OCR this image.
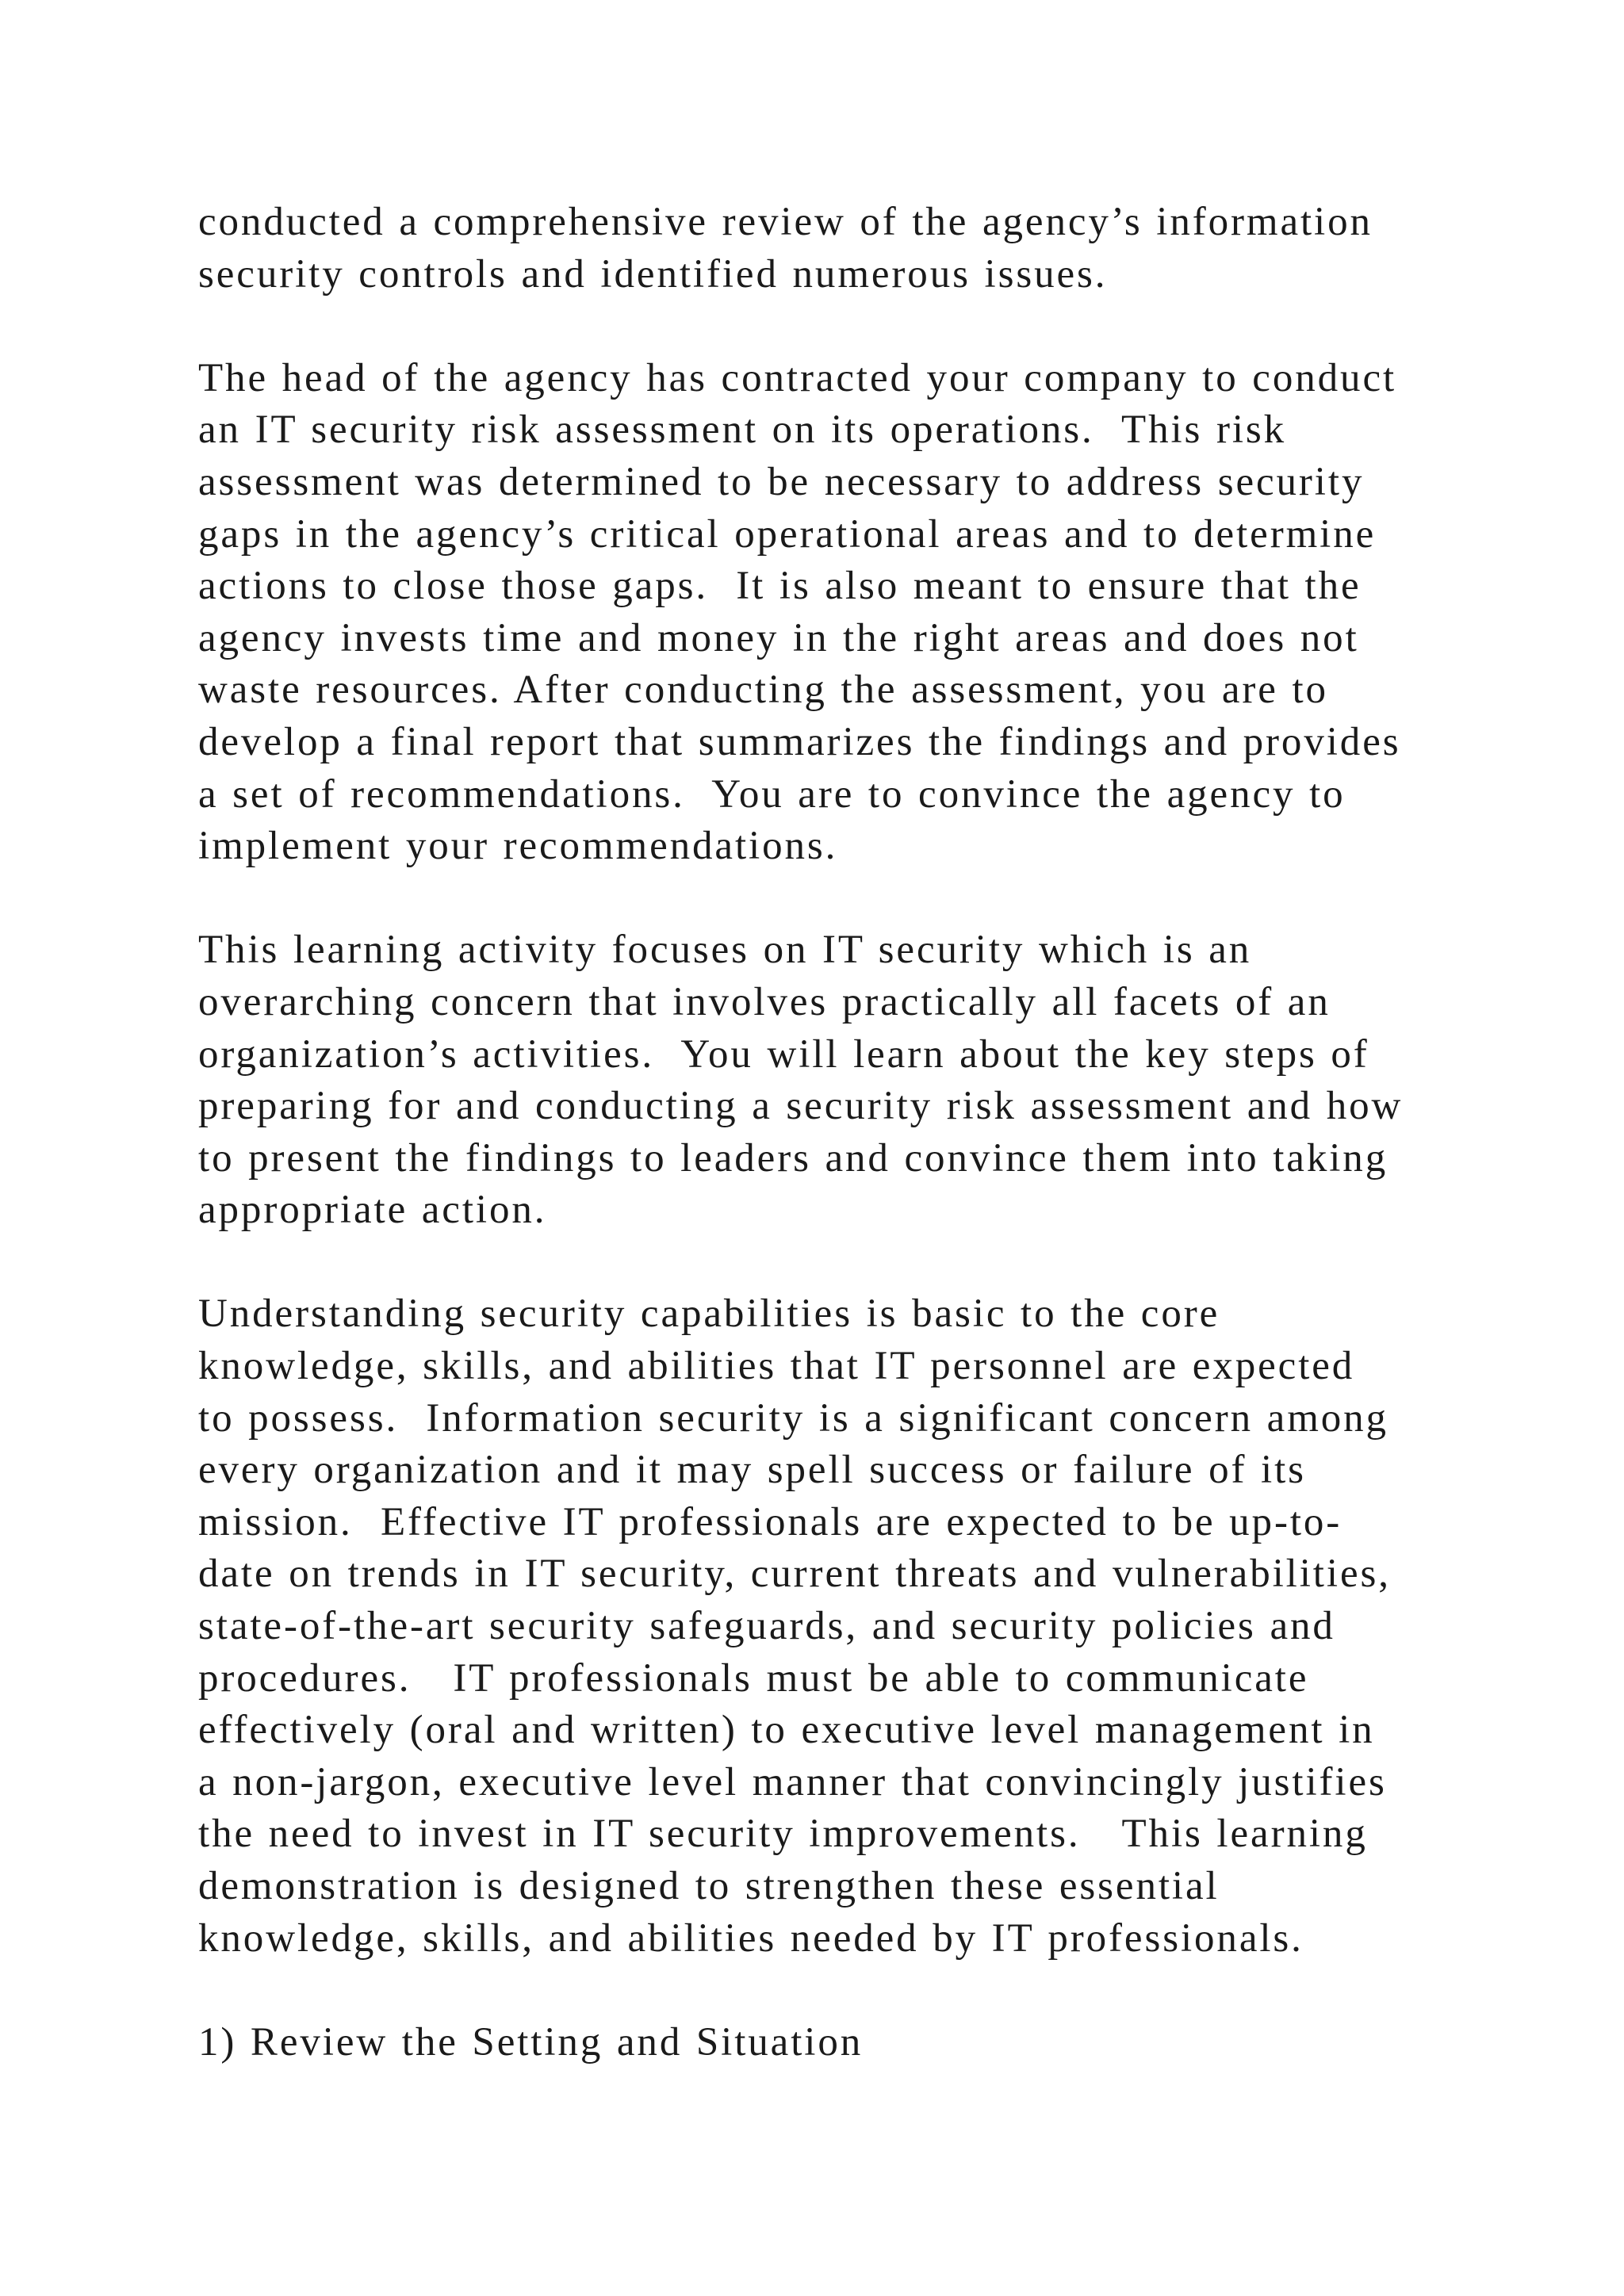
conducted a comprehensive review of the agency’s information
security controls and identified numerous issues.

The head of the agency has contracted your company to conduct
an IT security risk assessment on its operations.  This risk
assessment was determined to be necessary to address security
gaps in the agency’s critical operational areas and to determine
actions to close those gaps.  It is also meant to ensure that the
agency invests time and money in the right areas and does not
waste resources. After conducting the assessment, you are to
develop a final report that summarizes the findings and provides
a set of recommendations.  You are to convince the agency to
implement your recommendations.

This learning activity focuses on IT security which is an
overarching concern that involves practically all facets of an
organization’s activities.  You will learn about the key steps of
preparing for and conducting a security risk assessment and how
to present the findings to leaders and convince them into taking
appropriate action.

Understanding security capabilities is basic to the core
knowledge, skills, and abilities that IT personnel are expected
to possess.  Information security is a significant concern among
every organization and it may spell success or failure of its
mission.  Effective IT professionals are expected to be up-to-
date on trends in IT security, current threats and vulnerabilities,
state-of-the-art security safeguards, and security policies and
procedures.   IT professionals must be able to communicate
effectively (oral and written) to executive level management in
a non-jargon, executive level manner that convincingly justifies
the need to invest in IT security improvements.   This learning
demonstration is designed to strengthen these essential
knowledge, skills, and abilities needed by IT professionals.

1) Review the Setting and Situation
